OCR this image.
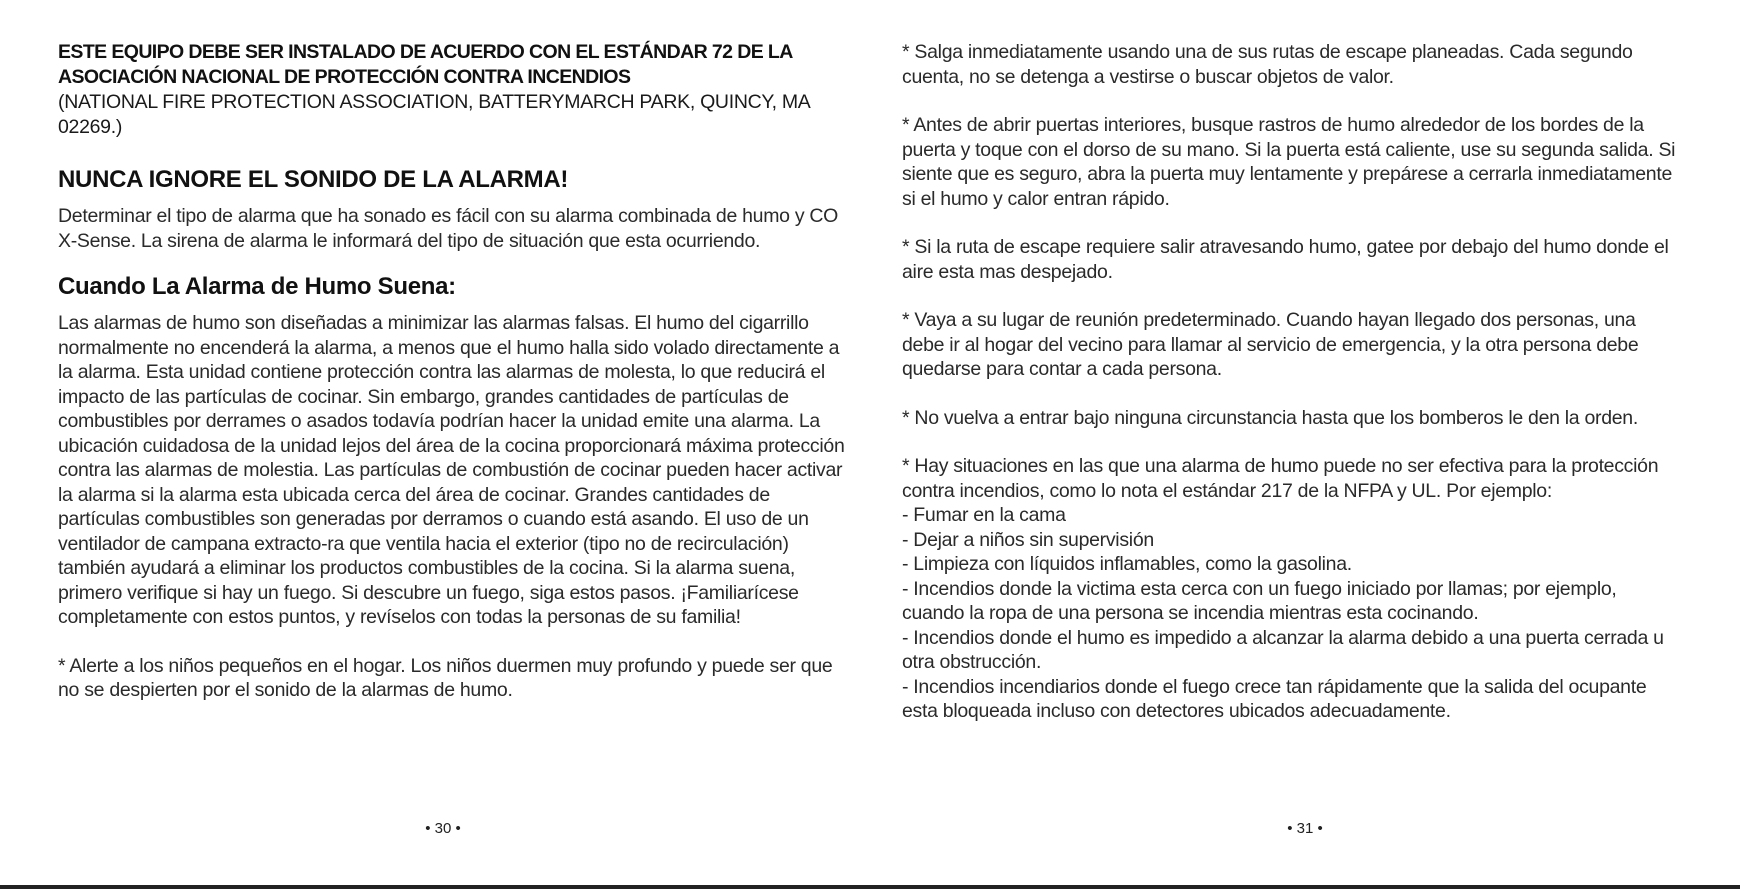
ESTE EQUIPO DEBE SER INSTALADO DE ACUERDO CON EL ESTÁNDAR 72 DE LA
ASOCIACIÓN NACIONAL DE PROTECCIÓN CONTRA INCENDIOS

(NATIONAL FIRE PROTECTION ASSOCIATION, BATTERYMARCH PARK, QUINCY, MA 02269.)

NUNCA IGNORE EL SONIDO DE LA ALARMA!

Determinar el tipo de alarma que ha sonado es fácil con su alarma combinada de humo y CO X-Sense. La sirena de alarma le informará del tipo de situación que esta ocurriendo.

Cuando La Alarma de Humo Suena:

Las alarmas de humo son diseñadas a minimizar las alarmas falsas. El humo del cigarrillo normalmente no encenderá la alarma, a menos que el humo halla sido volado directamente a la alarma. Esta unidad contiene protección contra las alarmas de molesta, lo que reducirá el impacto de las partículas de cocinar. Sin embargo, grandes cantidades de partículas de combustibles por derrames o asados todavía podrían hacer la unidad emite una alarma. La ubicación cuidadosa de la unidad lejos del área de la cocina proporcionará máxima protección contra las alarmas de molestia. Las partículas de combustión de cocinar pueden hacer activar la alarma si la alarma esta ubicada cerca del área de cocinar. Grandes cantidades de partículas combustibles son generadas por derramos o cuando está asando. El uso de un ventilador de campana extracto-ra que ventila hacia el exterior (tipo no de recirculación) también ayudará a eliminar los productos combustibles de la cocina. Si la alarma suena, primero verifique si hay un fuego. Si descubre un fuego, siga estos pasos. ¡Familiarícese completamente con estos puntos, y revíselos con todas la personas de su familia!

* Alerte a los niños pequeños en el hogar. Los niños duermen muy profundo y puede ser que no se despierten por el sonido de la alarmas de humo.

* Salga inmediatamente usando una de sus rutas de escape planeadas. Cada segundo cuenta, no se detenga a vestirse o buscar objetos de valor.

* Antes de abrir puertas interiores, busque rastros de humo alrededor de los bordes de la puerta y toque con el dorso de su mano. Si la puerta está caliente, use su segunda salida. Si siente que es seguro, abra la puerta muy lentamente y prepárese a cerrarla inmediatamente si el humo y calor entran rápido.

* Si la ruta de escape requiere salir atravesando humo, gatee por debajo del humo donde el aire esta mas despejado.

* Vaya a su lugar de reunión predeterminado. Cuando hayan llegado dos personas, una debe ir al hogar del vecino para llamar al servicio de emergencia, y la otra persona debe quedarse para contar a cada persona.

* No vuelva a entrar bajo ninguna circunstancia hasta que los bomberos le den la orden.

* Hay situaciones en las que una alarma de humo puede no ser efectiva para la protección contra incendios, como lo nota el estándar 217 de la NFPA y UL. Por ejemplo:

- Fumar en la cama
- Dejar a niños sin supervisión
- Limpieza con líquidos inflamables, como la gasolina.
- Incendios donde la victima esta cerca con un fuego iniciado por llamas; por ejemplo, cuando la ropa de una persona se incendia mientras esta cocinando.
- Incendios donde el humo es impedido a alcanzar la alarma debido a una puerta cerrada u otra obstrucción.
- Incendios incendiarios donde el fuego crece tan rápidamente que la salida del ocupante esta bloqueada incluso con detectores ubicados adecuadamente.
• 30 •	• 31 •
